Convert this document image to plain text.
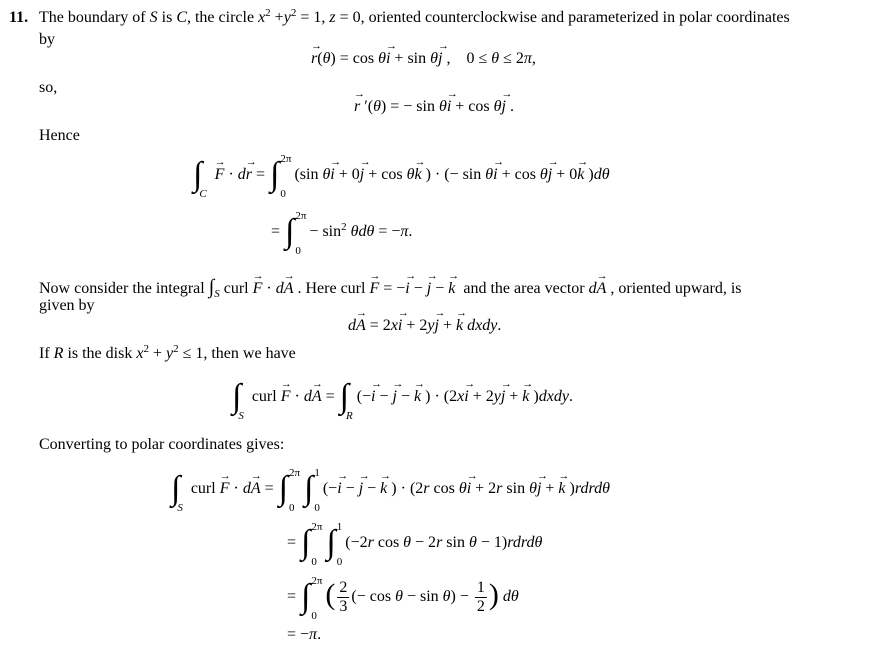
11. The boundary of S is C, the circle $x^2 +y^2 = 1$, z = 0, oriented counterclockwise and parameterized in polar coordinates
by
→ r(θ) = cos θ→ i + sin θ→ j ,    0 ≤ θ ≤ 2π,
so,
→ r ′(θ) = − sin θ→ i + cos θ→ j .
Hence
$\int_C \to F \cdot d\to r$ = ∫ 2π
0
(sin θ→ i + 0→ j + cos θ→ k ) · (− sin θ→ i + cos θ→ j + 0→ k )dθ
= ∫ 2π
0
− $\sin^2 \theta d\theta = -\pi$.
Now consider the integral $\int_S$ curl → F · d→ A . Here curl → F = −→ i − → j − → k  and the area vector d→ A , oriented upward, is
given by
d→ A = 2x→ i + 2y→ j + → k dxdy.
If R is the disk $x^2 + y^2 \le 1$, then we have
$\int_S$ curl → $F \cdot d\to A = \int_R(-\to i$ − → j − → k ) · (2x→ i + 2y→ j + → k )dxdy.
Converting to polar coordinates gives:
$\int_S$ curl → F · d→ A = ∫ 2π
0
∫ 1
0
(−→ i − → j − → k ) · (2r cos θ→ i + 2r sin θ→ j + → k )rdrdθ
= ∫ 2π
0
∫ 1
0
(−2r cos θ − 2r sin θ − 1)rdrdθ
= ∫ 2π
0
( $\frac{2}{3}$ (− $\cos \theta - \sin \theta) - \frac{1}{2}$ ) dθ
= −π.
